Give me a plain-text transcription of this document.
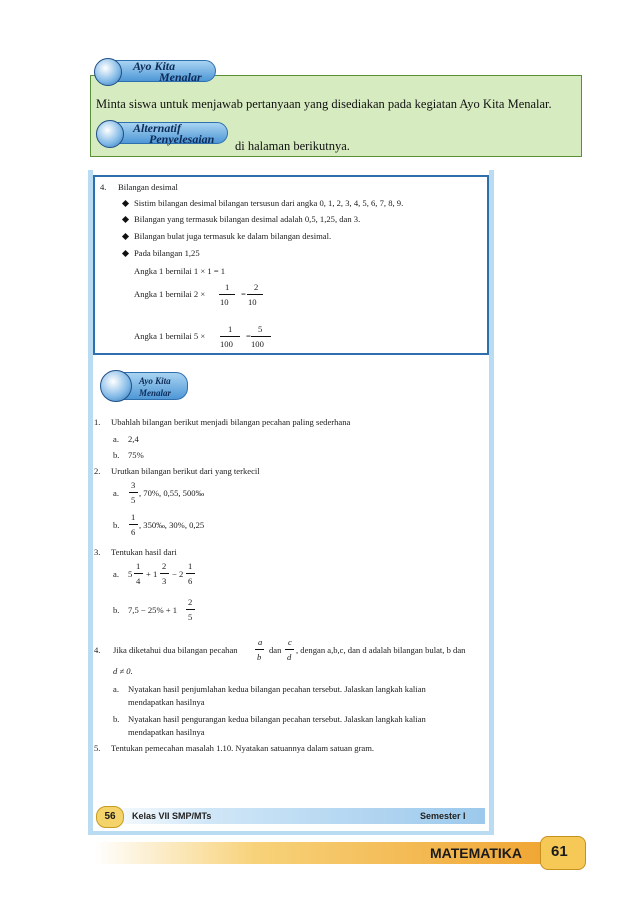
Ayo Kita
Menalar
Minta siswa untuk menjawab pertanyaan yang disediakan pada kegiatan Ayo Kita Menalar.
Alternatif
Penyelesaian	di halaman berikutnya.
4. Bilangan desimal
Sistim bilangan desimal bilangan tersusun dari angka 0, 1, 2, 3, 4, 5, 6, 7, 8, 9.
Bilangan yang termasuk bilangan desimal adalah 0,5, 1,25, dan 3.
Bilangan bulat juga termasuk ke dalam bilangan desimal.
Pada bilangan 1,25
Angka 1 bernilai 1 × 1 = 1
Angka 1 bernilai 2 ×
1
10
=
2
10
Angka 1 bernilai 5 ×
1
100
=
5
100
Ayo Kita
Menalar
1. Ubahlah bilangan berikut menjadi bilangan pecahan paling sederhana
a. 2,4
b. 75%
2. Urutkan bilangan berikut dari yang terkecil
a.
3
5
, 70%, 0,55, 500‰
b.
1
6
, 350‰, 30%, 0,25
3. Tentukan hasil dari
a. 5
1
4
+ 1
2
3
− 2
1
6
b. 7,5 − 25% + 1
2
5
4. Jika diketahui dua bilangan pecahan
a
b
dan
c
d
, dengan a,b,c, dan d adalah bilangan bulat, b dan
d ≠ 0.
a. Nyatakan hasil penjumlahan kedua bilangan pecahan tersebut. Jalaskan langkah kalian
mendapatkan hasilnya
b. Nyatakan hasil pengurangan kedua bilangan pecahan tersebut. Jalaskan langkah kalian
mendapatkan hasilnya
5. Tentukan pemecahan masalah 1.10. Nyatakan satuannya dalam satuan gram.
56	Kelas VII SMP/MTs	Semester I
MATEMATIKA 61
